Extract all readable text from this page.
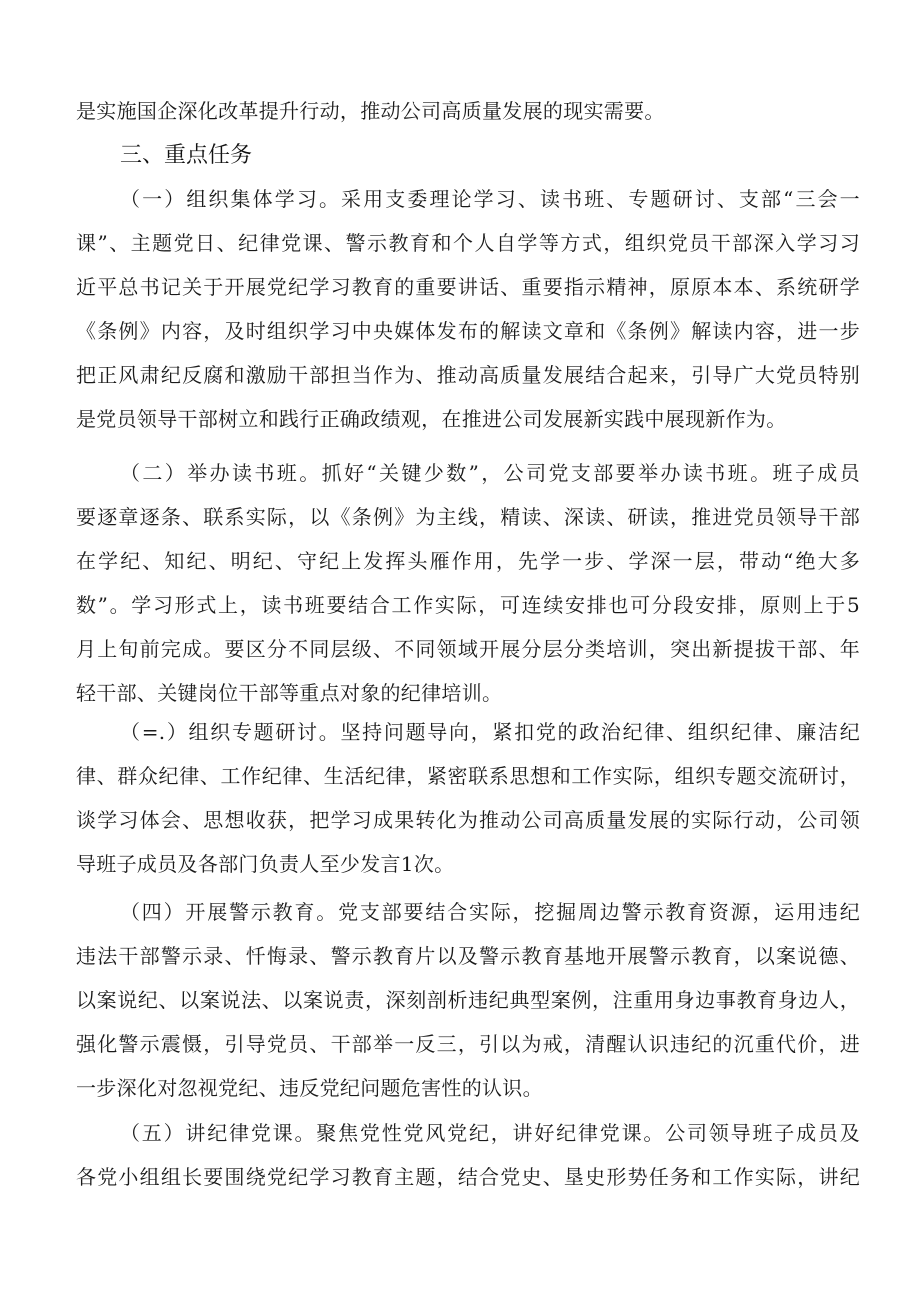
是实施国企深化改革提升行动，推动公司高质量发展的现实需要。
三、重点任务
（一）组织集体学习。采用支委理论学习、读书班、专题研讨、支部“三会一
课”、主题党日、纪律党课、警示教育和个人自学等方式，组织党员干部深入学习习
近平总书记关于开展党纪学习教育的重要讲话、重要指示精神，原原本本、系统研学
《条例》内容，及时组织学习中央媒体发布的解读文章和《条例》解读内容，进一步
把正风肃纪反腐和激励干部担当作为、推动高质量发展结合起来，引导广大党员特别
是党员领导干部树立和践行正确政绩观，在推进公司发展新实践中展现新作为。
（二）举办读书班。抓好“关键少数”，公司党支部要举办读书班。班子成员
要逐章逐条、联系实际，以《条例》为主线，精读、深读、研读，推进党员领导干部
在学纪、知纪、明纪、守纪上发挥头雁作用，先学一步、学深一层，带动“绝大多
数”。学习形式上，读书班要结合工作实际，可连续安排也可分段安排，原则上于5
月上旬前完成。要区分不同层级、不同领域开展分层分类培训，突出新提拔干部、年
轻干部、关键岗位干部等重点对象的纪律培训。
（=.）组织专题研讨。坚持问题导向，紧扣党的政治纪律、组织纪律、廉洁纪
律、群众纪律、工作纪律、生活纪律，紧密联系思想和工作实际，组织专题交流研讨，
谈学习体会、思想收获，把学习成果转化为推动公司高质量发展的实际行动，公司领
导班子成员及各部门负责人至少发言1次。
（四）开展警示教育。党支部要结合实际，挖掘周边警示教育资源，运用违纪
违法干部警示录、忏悔录、警示教育片以及警示教育基地开展警示教育，以案说德、
以案说纪、以案说法、以案说责，深刻剖析违纪典型案例，注重用身边事教育身边人，
强化警示震慑，引导党员、干部举一反三，引以为戒，清醒认识违纪的沉重代价，进
一步深化对忽视党纪、违反党纪问题危害性的认识。
（五）讲纪律党课。聚焦党性党风党纪，讲好纪律党课。公司领导班子成员及
各党小组组长要围绕党纪学习教育主题，结合党史、垦史形势任务和工作实际，讲纪
